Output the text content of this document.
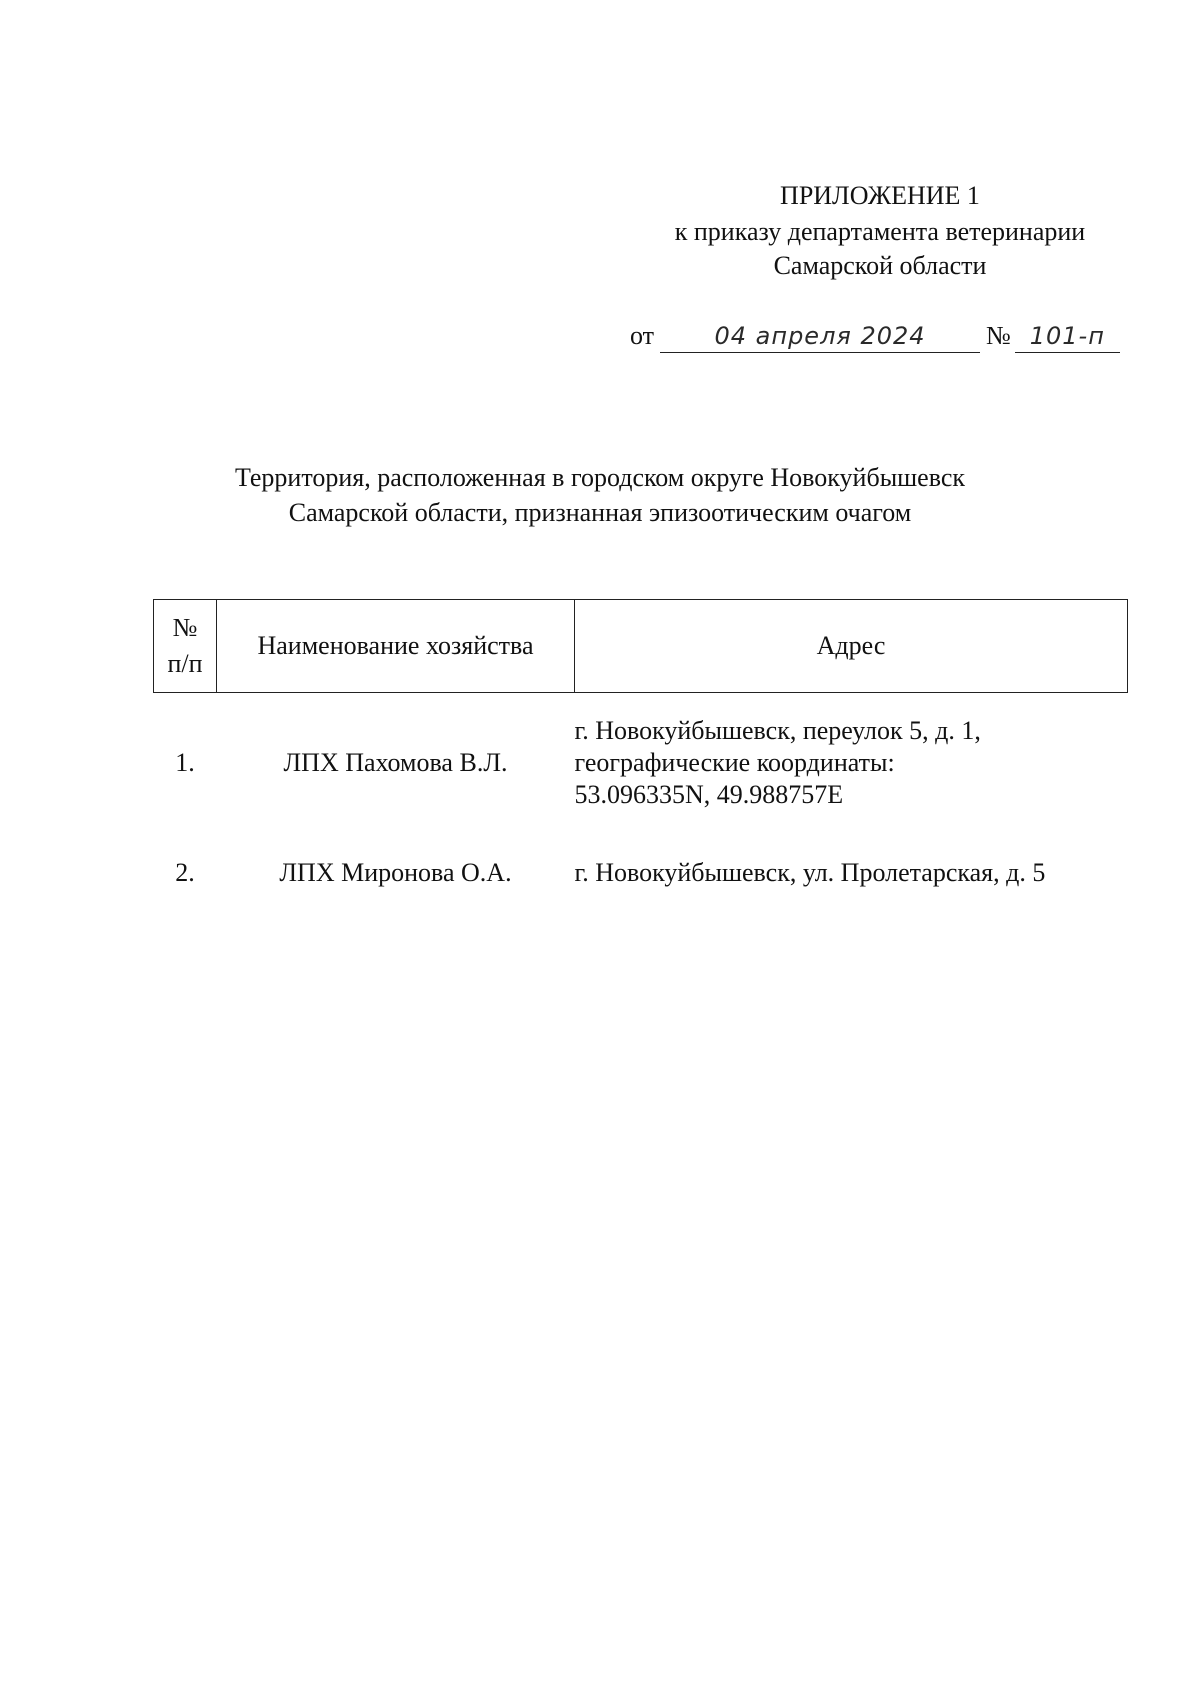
ПРИЛОЖЕНИЕ 1
к приказу департамента ветеринарии
Самарской области
от	04 апреля 2024 № 101-п
Территория, расположенная в городском округе Новокуйбышевск
Самарской области, признанная эпизоотическим очагом
№
п/п	Наименование хозяйства	Адрес
1.	ЛПХ Пахомова В.Л.	г. Новокуйбышевск, переулок 5, д. 1,
географические координаты:
53.096335N, 49.988757E

2.	ЛПХ Миронова О.А.	г. Новокуйбышевск, ул. Пролетарская, д. 5
